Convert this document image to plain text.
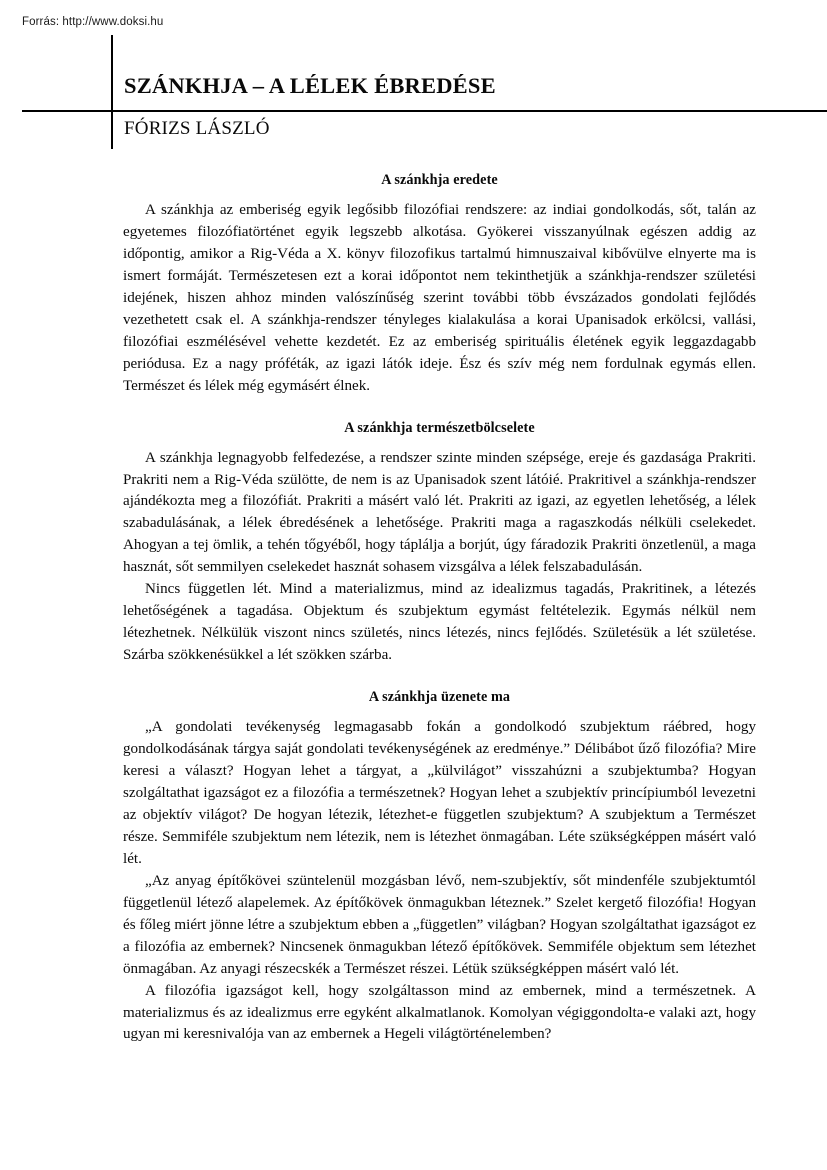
Forrás: http://www.doksi.hu
SZÁNKHJA – A LÉLEK ÉBREDÉSE
FÓRIZS LÁSZLÓ
A szánkhja eredete

A szánkhja az emberiség egyik legősibb filozófiai rendszere: az indiai gondolkodás, sőt, talán az egyetemes filozófiatörténet egyik legszebb alkotása. Gyökerei visszanyúlnak egészen addig az időpontig, amikor a Rig-Véda a X. könyv filozofikus tartalmú himnuszaival kibővülve elnyerte ma is ismert formáját. Természetesen ezt a korai időpontot nem tekinthetjük a szánkhja-rendszer születési idejének, hiszen ahhoz minden valószínűség szerint további több évszázados gondolati fejlődés vezethetett csak el. A szánkhja-rendszer tényleges kialakulása a korai Upanisadok erkölcsi, vallási, filozófiai eszmélésével vehette kezdetét. Ez az emberiség spirituális életének egyik leggazdagabb periódusa. Ez a nagy próféták, az igazi látók ideje. Ész és szív még nem fordulnak egymás ellen. Természet és lélek még egymásért élnek.

A szánkhja természetbölcselete

A szánkhja legnagyobb felfedezése, a rendszer szinte minden szépsége, ereje és gazdasága Prakriti. Prakriti nem a Rig-Véda szülötte, de nem is az Upanisadok szent látóié. Prakritivel a szánkhja-rendszer ajándékozta meg a filozófiát. Prakriti a másért való lét. Prakriti az igazi, az egyetlen lehetőség, a lélek szabadulásának, a lélek ébredésének a lehetősége. Prakriti maga a ragaszkodás nélküli cselekedet. Ahogyan a tej ömlik, a tehén tőgyéből, hogy táplálja a borjút, úgy fáradozik Prakriti önzetlenül, a maga hasznát, sőt semmilyen cselekedet hasznát sohasem vizsgálva a lélek felszabadulásán.

Nincs független lét. Mind a materializmus, mind az idealizmus tagadás, Prakritinek, a létezés lehetőségének a tagadása. Objektum és szubjektum egymást feltételezik. Egymás nélkül nem létezhetnek. Nélkülük viszont nincs születés, nincs létezés, nincs fejlődés. Születésük a lét születése. Szárba szökkenésükkel a lét szökken szárba.

A szánkhja üzenete ma

„A gondolati tevékenység legmagasabb fokán a gondolkodó szubjektum ráébred, hogy gondolkodásának tárgya saját gondolati tevékenységének az eredménye.” Délibábot űző filozófia? Mire keresi a választ? Hogyan lehet a tárgyat, a „külvilágot” visszahúzni a szubjektumba? Hogyan szolgáltathat igazságot ez a filozófia a természetnek? Hogyan lehet a szubjektív princípiumból levezetni az objektív világot? De hogyan létezik, létezhet-e független szubjektum? A szubjektum a Természet része. Semmiféle szubjektum nem létezik, nem is létezhet önmagában. Léte szükségképpen másért való lét.

„Az anyag építőkövei szüntelenül mozgásban lévő, nem-szubjektív, sőt mindenféle szubjektumtól függetlenül létező alapelemek. Az építőkövek önmagukban léteznek.” Szelet kergető filozófia! Hogyan és főleg miért jönne létre a szubjektum ebben a „független” világban? Hogyan szolgáltathat igazságot ez a filozófia az embernek? Nincsenek önmagukban létező építőkövek. Semmiféle objektum sem létezhet önmagában. Az anyagi részecskék a Természet részei. Létük szükségképpen másért való lét.

A filozófia igazságot kell, hogy szolgáltasson mind az embernek, mind a természetnek. A materializmus és az idealizmus erre egyként alkalmatlanok. Komolyan végiggondolta-e valaki azt, hogy ugyan mi keresnivalója van az embernek a Hegeli világtörténelemben?
